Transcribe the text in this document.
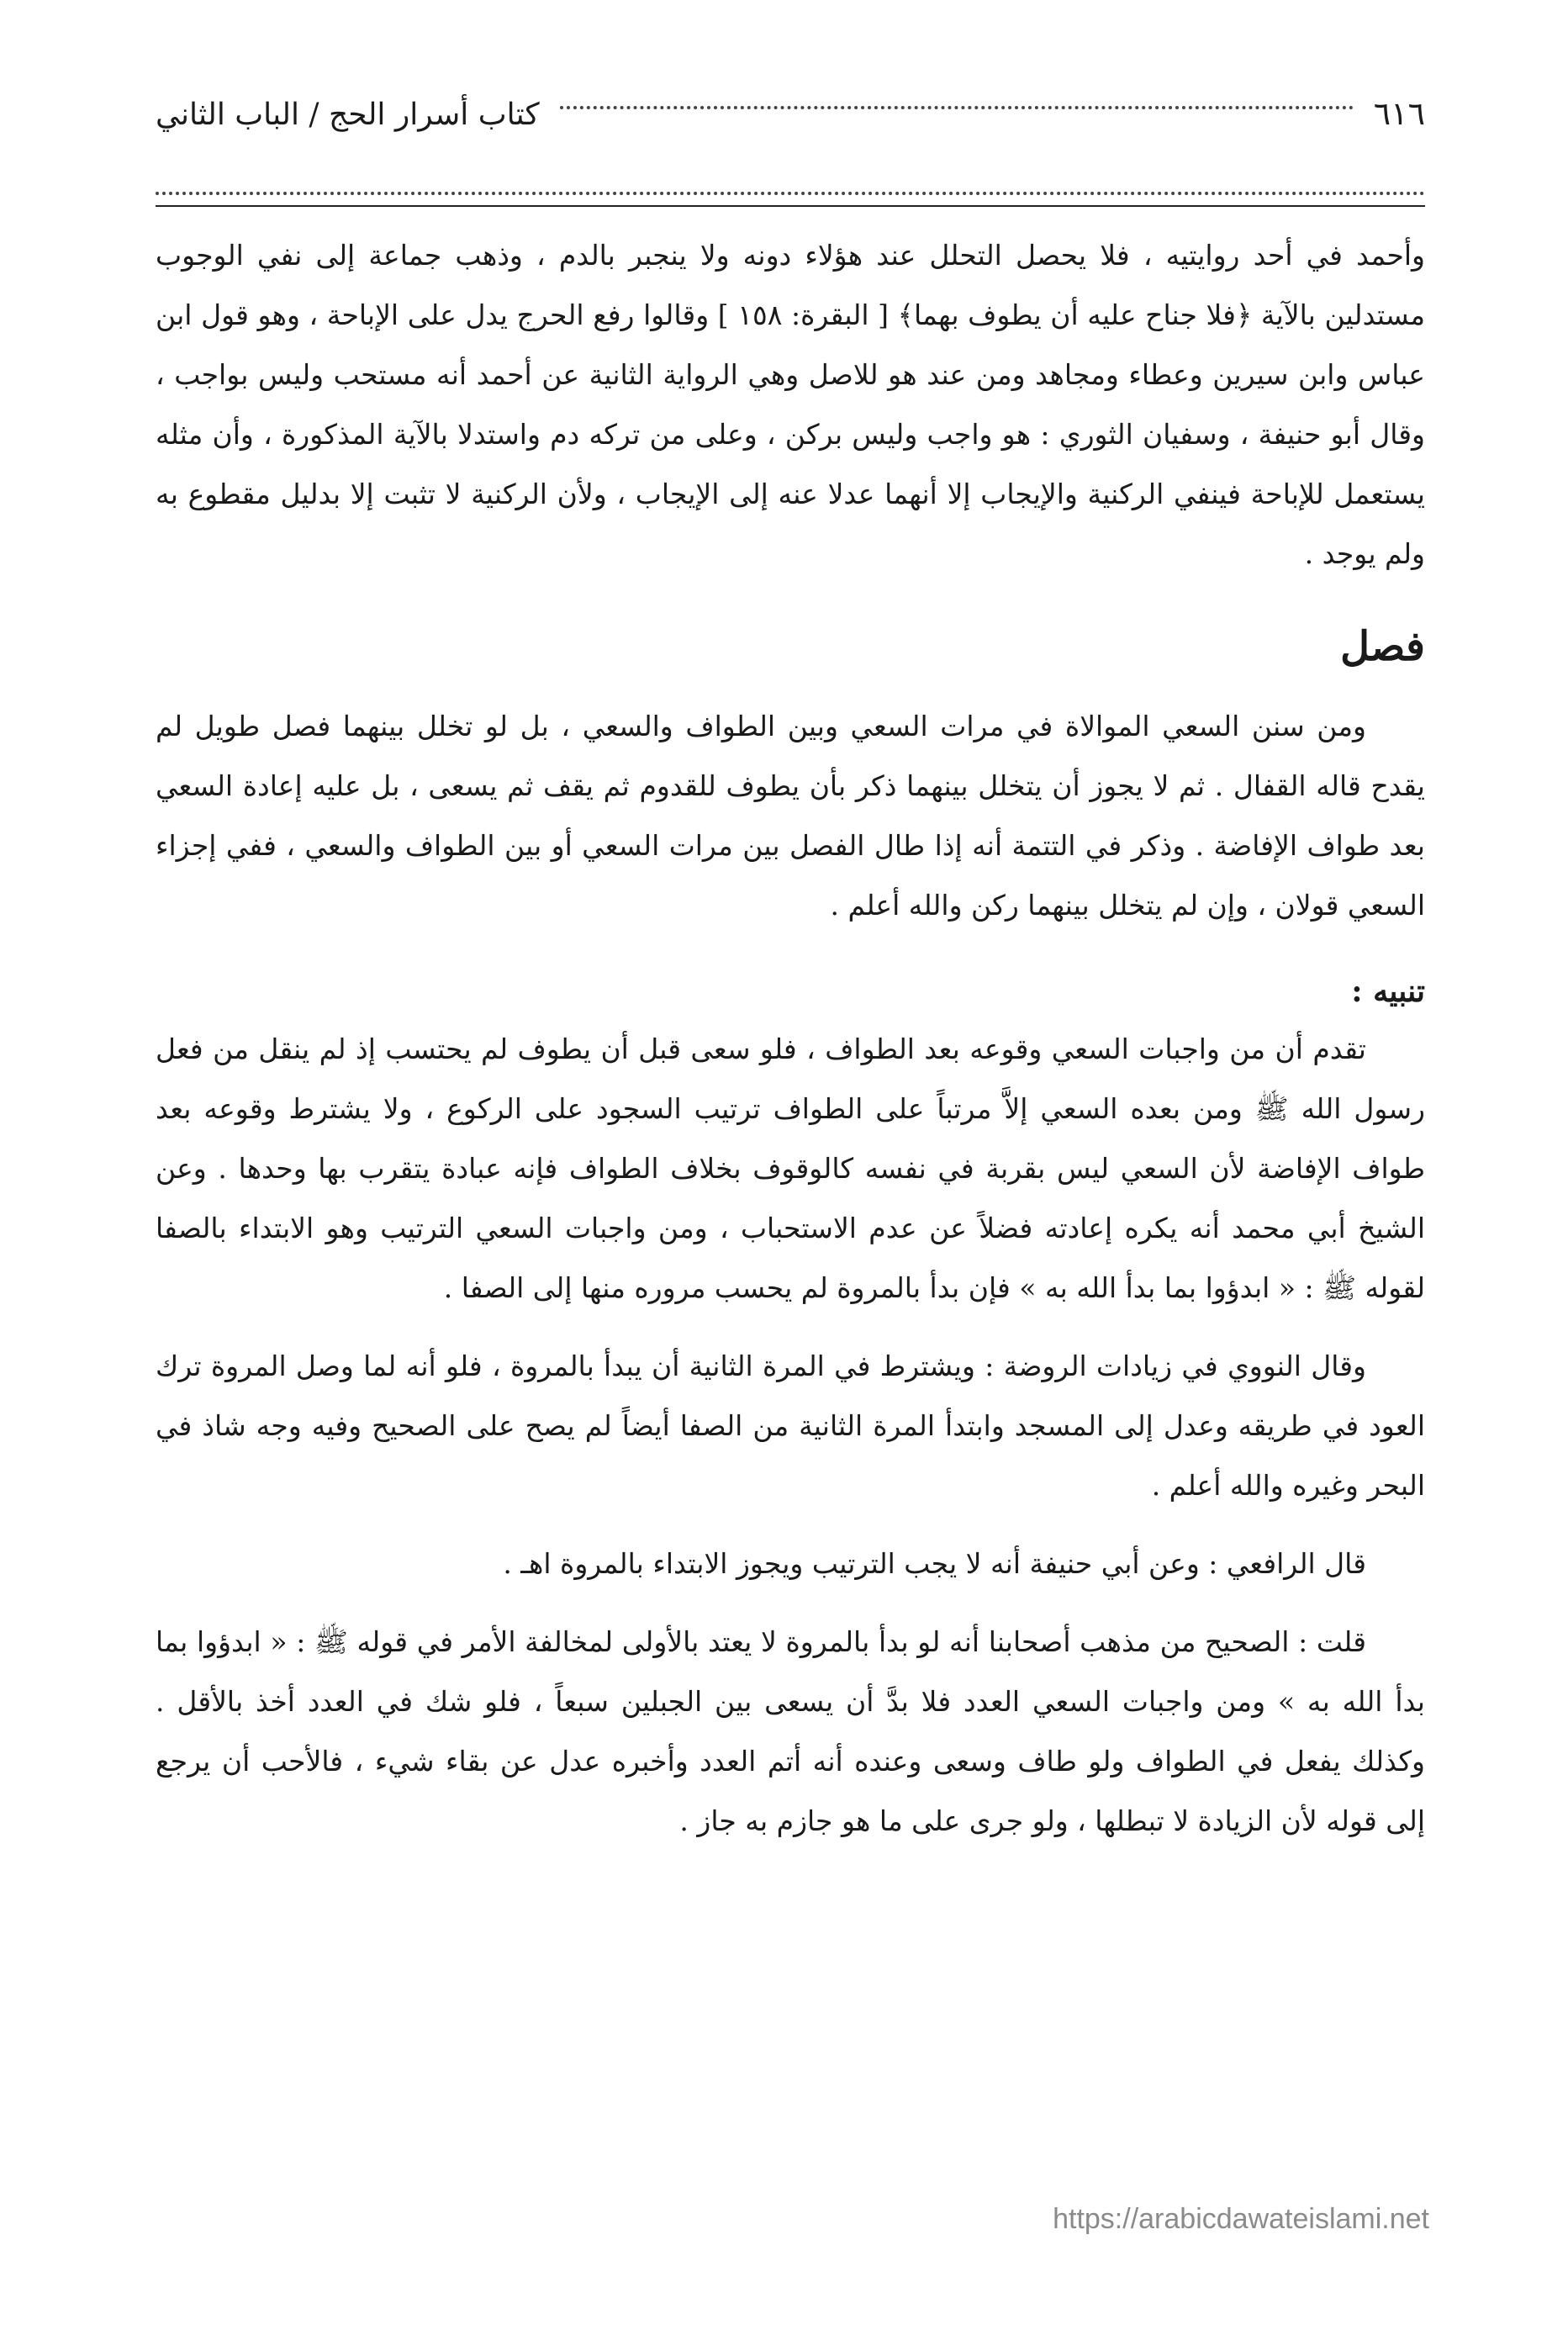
٦١٦
كتاب أسرار الحج / الباب الثاني

وأحمد في أحد روايتيه ، فلا يحصل التحلل عند هؤلاء دونه ولا ينجبر بالدم ، وذهب جماعة إلى نفي الوجوب مستدلين بالآية ﴿فلا جناح عليه أن يطوف بهما﴾ [ البقرة: ١٥٨ ] وقالوا رفع الحرج يدل على الإباحة ، وهو قول ابن عباس وابن سيرين وعطاء ومجاهد ومن عند هو للاصل وهي الرواية الثانية عن أحمد أنه مستحب وليس بواجب ، وقال أبو حنيفة ، وسفيان الثوري : هو واجب وليس بركن ، وعلى من تركه دم واستدلا بالآية المذكورة ، وأن مثله يستعمل للإباحة فينفي الركنية والإيجاب إلا أنهما عدلا عنه إلى الإيجاب ، ولأن الركنية لا تثبت إلا بدليل مقطوع به ولم يوجد .

فصل

ومن سنن السعي الموالاة في مرات السعي وبين الطواف والسعي ، بل لو تخلل بينهما فصل طويل لم يقدح قاله القفال . ثم لا يجوز أن يتخلل بينهما ذكر بأن يطوف للقدوم ثم يقف ثم يسعى ، بل عليه إعادة السعي بعد طواف الإفاضة . وذكر في التتمة أنه إذا طال الفصل بين مرات السعي أو بين الطواف والسعي ، ففي إجزاء السعي قولان ، وإن لم يتخلل بينهما ركن والله أعلم .

تنبيه :

تقدم أن من واجبات السعي وقوعه بعد الطواف ، فلو سعى قبل أن يطوف لم يحتسب إذ لم ينقل من فعل رسول الله ﷺ ومن بعده السعي إلاَّ مرتباً على الطواف ترتيب السجود على الركوع ، ولا يشترط وقوعه بعد طواف الإفاضة لأن السعي ليس بقربة في نفسه كالوقوف بخلاف الطواف فإنه عبادة يتقرب بها وحدها . وعن الشيخ أبي محمد أنه يكره إعادته فضلاً عن عدم الاستحباب ، ومن واجبات السعي الترتيب وهو الابتداء بالصفا لقوله ﷺ : « ابدؤوا بما بدأ الله به » فإن بدأ بالمروة لم يحسب مروره منها إلى الصفا .

وقال النووي في زيادات الروضة : ويشترط في المرة الثانية أن يبدأ بالمروة ، فلو أنه لما وصل المروة ترك العود في طريقه وعدل إلى المسجد وابتدأ المرة الثانية من الصفا أيضاً لم يصح على الصحيح وفيه وجه شاذ في البحر وغيره والله أعلم .

قال الرافعي : وعن أبي حنيفة أنه لا يجب الترتيب ويجوز الابتداء بالمروة اهـ .

قلت : الصحيح من مذهب أصحابنا أنه لو بدأ بالمروة لا يعتد بالأولى لمخالفة الأمر في قوله ﷺ : « ابدؤوا بما بدأ الله به » ومن واجبات السعي العدد فلا بدَّ أن يسعى بين الجبلين سبعاً ، فلو شك في العدد أخذ بالأقل . وكذلك يفعل في الطواف ولو طاف وسعى وعنده أنه أتم العدد وأخبره عدل عن بقاء شيء ، فالأحب أن يرجع إلى قوله لأن الزيادة لا تبطلها ، ولو جرى على ما هو جازم به جاز .

https://arabicdawateislami.net
